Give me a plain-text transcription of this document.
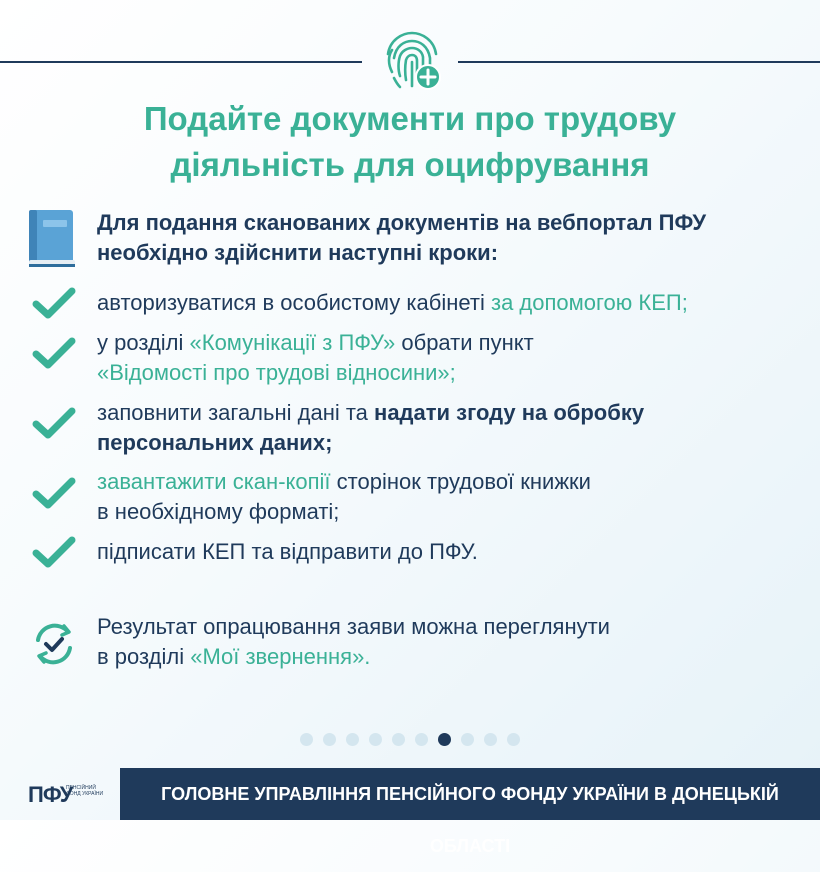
Подайте документи про трудову
діяльність для оцифрування
Для подання сканованих документів на вебпортал ПФУ
необхідно здійснити наступні кроки:
авторизуватися в особистому кабінеті за допомогою КЕП;
у розділі «Комунікації з ПФУ» обрати пункт
«Відомості про трудові відносини»;
заповнити загальні дані та надати згоду на обробку
персональних даних;
завантажити скан-копії сторінок трудової книжки
в необхідному форматі;
підписати КЕП та відправити до ПФУ.
Результат опрацювання заяви можна переглянути
в розділі «Мої звернення».
ПФУ
ПЕНСІЙНИЙ ФОНД УКРАЇНИ	ГОЛОВНЕ УПРАВЛІННЯ ПЕНСІЙНОГО ФОНДУ УКРАЇНИ В ДОНЕЦЬКІЙ ОБЛАСТІ
